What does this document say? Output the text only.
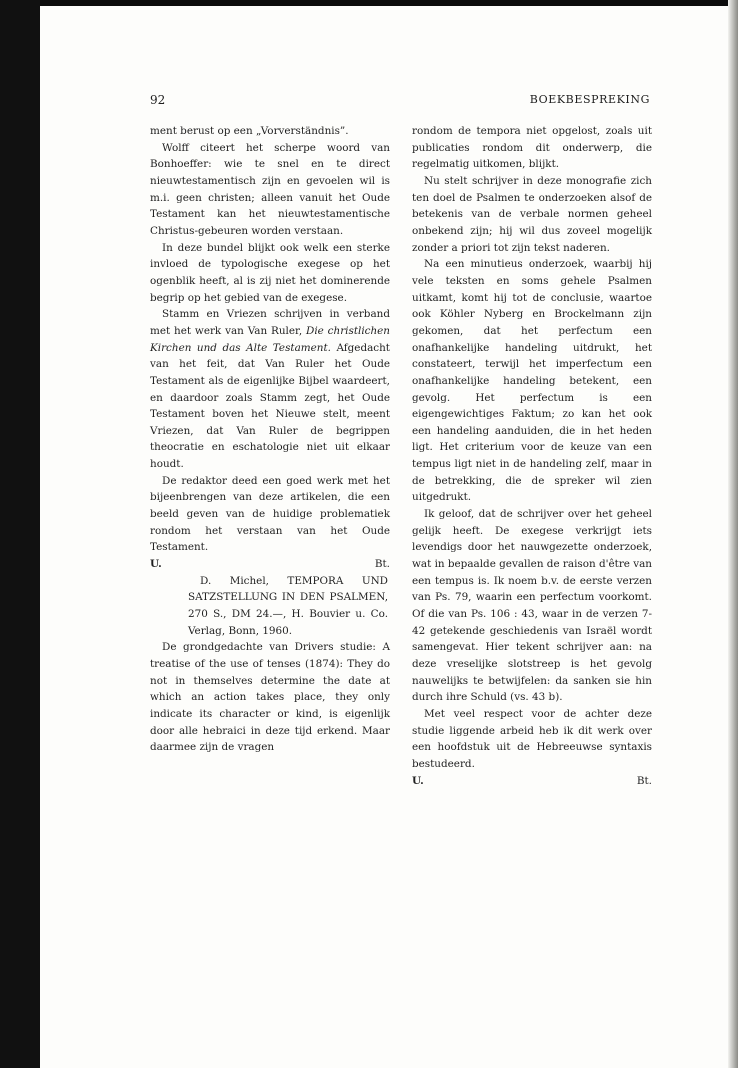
92	BOEKBESPREKING

ment berust op een „Vorverständnis”.

Wolff citeert het scherpe woord van Bonhoeffer: wie te snel en te direct nieuwtestamentisch zijn en gevoelen wil is m.i. geen christen; alleen vanuit het Oude Testament kan het nieuwtestamentische Christus-gebeuren worden verstaan.

In deze bundel blijkt ook welk een sterke invloed de typologische exegese op het ogenblik heeft, al is zij niet het dominerende begrip op het gebied van de exegese.

Stamm en Vriezen schrijven in verband met het werk van Van Ruler, Die christlichen Kirchen und das Alte Testament. Afgedacht van het feit, dat Van Ruler het Oude Testament als de eigenlijke Bijbel waardeert, en daardoor zoals Stamm zegt, het Oude Testament boven het Nieuwe stelt, meent Vriezen, dat Van Ruler de begrippen theocratie en eschatologie niet uit elkaar houdt.

De redaktor deed een goed werk met het bijeenbrengen van deze artikelen, die een beeld geven van de huidige problematiek rondom het verstaan van het Oude Testament.

U.	Bt.

D. Michel, TEMPORA UND SATZSTELLUNG IN DEN PSALMEN, 270 S., DM 24.—, H. Bouvier u. Co. Verlag, Bonn, 1960.

De grondgedachte van Drivers studie: A treatise of the use of tenses (1874): They do not in themselves determine the date at which an action takes place, they only indicate its character or kind, is eigenlijk door alle hebraici in deze tijd erkend. Maar daarmee zijn de vragen

rondom de tempora niet opgelost, zoals uit publicaties rondom dit onderwerp, die regelmatig uitkomen, blijkt.

Nu stelt schrijver in deze monografie zich ten doel de Psalmen te onderzoeken alsof de betekenis van de verbale normen geheel onbekend zijn; hij wil dus zoveel mogelijk zonder a priori tot zijn tekst naderen.

Na een minutieus onderzoek, waarbij hij vele teksten en soms gehele Psalmen uitkamt, komt hij tot de conclusie, waartoe ook Köhler Nyberg en Brockelmann zijn gekomen, dat het perfectum een onafhankelijke handeling uitdrukt, het constateert, terwijl het imperfectum een onafhankelijke handeling betekent, een gevolg. Het perfectum is een eigengewichtiges Faktum; zo kan het ook een handeling aanduiden, die in het heden ligt. Het criterium voor de keuze van een tempus ligt niet in de handeling zelf, maar in de betrekking, die de spreker wil zien uitgedrukt.

Ik geloof, dat de schrijver over het geheel gelijk heeft. De exegese verkrijgt iets levendigs door het nauwgezette onderzoek, wat in bepaalde gevallen de raison d'être van een tempus is. Ik noem b.v. de eerste verzen van Ps. 79, waarin een perfectum voorkomt. Of die van Ps. 106 : 43, waar in de verzen 7-42 getekende geschiedenis van Israël wordt samengevat. Hier tekent schrijver aan: na deze vreselijke slotstreep is het gevolg nauwelijks te betwijfelen: da sanken sie hin durch ihre Schuld (vs. 43 b).

Met veel respect voor de achter deze studie liggende arbeid heb ik dit werk over een hoofdstuk uit de Hebreeuwse syntaxis bestudeerd.

U.	Bt.
